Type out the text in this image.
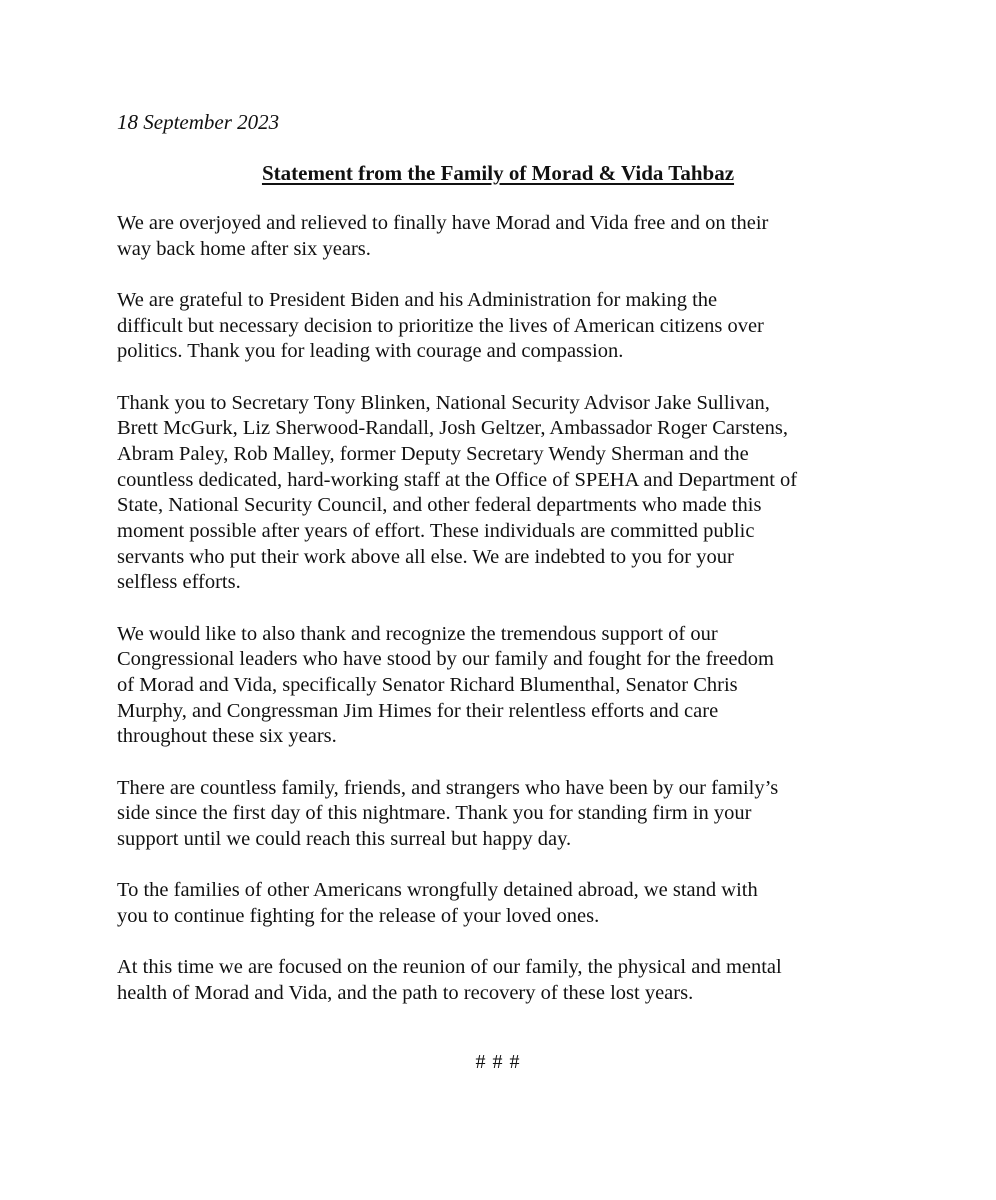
18 September 2023

Statement from the Family of Morad & Vida Tahbaz

We are overjoyed and relieved to finally have Morad and Vida free and on their
way back home after six years.

We are grateful to President Biden and his Administration for making the
difficult but necessary decision to prioritize the lives of American citizens over
politics. Thank you for leading with courage and compassion.

Thank you to Secretary Tony Blinken, National Security Advisor Jake Sullivan,
Brett McGurk, Liz Sherwood-Randall, Josh Geltzer, Ambassador Roger Carstens,
Abram Paley, Rob Malley, former Deputy Secretary Wendy Sherman and the
countless dedicated, hard-working staff at the Office of SPEHA and Department of
State, National Security Council, and other federal departments who made this
moment possible after years of effort. These individuals are committed public
servants who put their work above all else. We are indebted to you for your
selfless efforts.

We would like to also thank and recognize the tremendous support of our
Congressional leaders who have stood by our family and fought for the freedom
of Morad and Vida, specifically Senator Richard Blumenthal, Senator Chris
Murphy, and Congressman Jim Himes for their relentless efforts and care
throughout these six years.

There are countless family, friends, and strangers who have been by our family’s
side since the first day of this nightmare. Thank you for standing firm in your
support until we could reach this surreal but happy day.

To the families of other Americans wrongfully detained abroad, we stand with
you to continue fighting for the release of your loved ones.

At this time we are focused on the reunion of our family, the physical and mental
health of Morad and Vida, and the path to recovery of these lost years.

# # #
